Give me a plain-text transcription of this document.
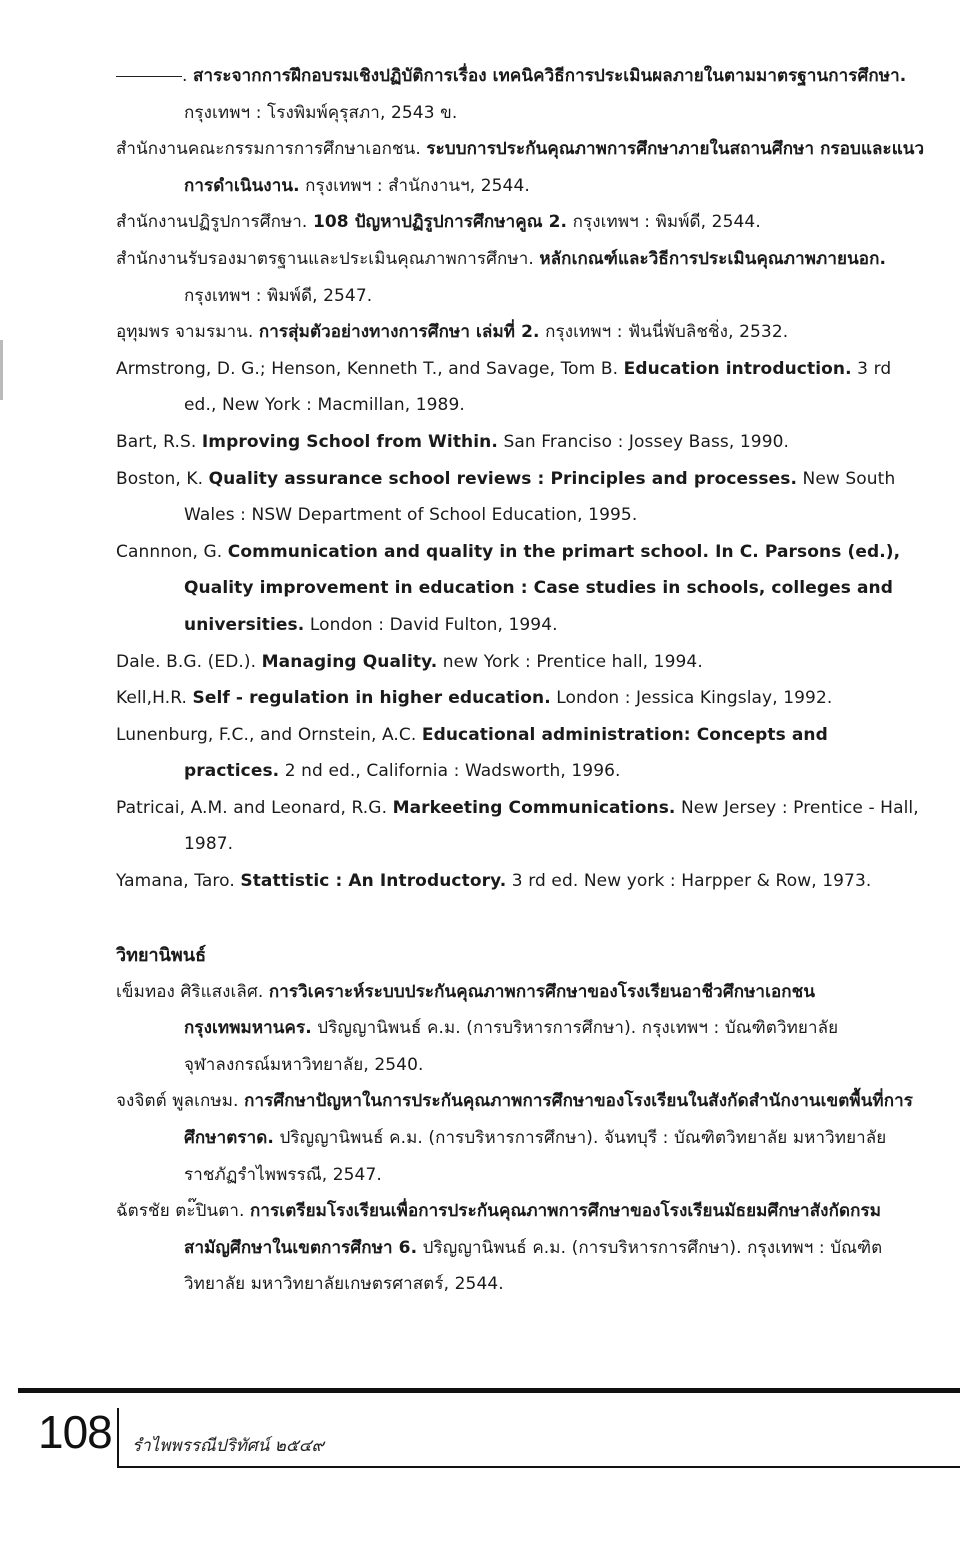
. สาระจากการฝึกอบรมเชิงปฏิบัติการเรื่อง เทคนิควิธีการประเมินผลภายในตามมาตรฐานการศึกษา. กรุงเทพฯ : โรงพิมพ์คุรุสภา, 2543 ข.
สำนักงานคณะกรรมการการศึกษาเอกชน. ระบบการประกันคุณภาพการศึกษาภายในสถานศึกษา กรอบและแนวการดำเนินงาน. กรุงเทพฯ : สำนักงานฯ, 2544.
สำนักงานปฏิรูปการศึกษา. 108 ปัญหาปฏิรูปการศึกษาคูณ 2. กรุงเทพฯ : พิมพ์ดี, 2544.
สำนักงานรับรองมาตรฐานและประเมินคุณภาพการศึกษา. หลักเกณฑ์และวิธีการประเมินคุณภาพภายนอก. กรุงเทพฯ : พิมพ์ดี, 2547.
อุทุมพร จามรมาน. การสุ่มตัวอย่างทางการศึกษา เล่มที่ 2. กรุงเทพฯ : ฟันนี่พับลิชชิ่ง, 2532.
Armstrong, D. G.; Henson, Kenneth T., and Savage, Tom B. Education introduction. 3 rd ed., New York : Macmillan, 1989.
Bart, R.S. Improving School from Within. San Franciso : Jossey Bass, 1990.
Boston, K. Quality assurance school reviews : Principles and processes. New South Wales : NSW Department of School Education, 1995.
Cannnon, G. Communication and quality in the primart school. In C. Parsons (ed.), Quality improvement in education : Case studies in schools, colleges and universities. London : David Fulton, 1994.
Dale. B.G. (ED.). Managing Quality. new York : Prentice hall, 1994.
Kell,H.R. Self - regulation in higher education. London : Jessica Kingslay, 1992.
Lunenburg, F.C., and Ornstein, A.C. Educational administration: Concepts and practices. 2 nd ed., California : Wadsworth, 1996.
Patricai, A.M. and Leonard, R.G. Markeeting Communications. New Jersey : Prentice - Hall, 1987.
Yamana, Taro. Stattistic : An Introductory. 3 rd ed. New york : Harpper & Row, 1973.
วิทยานิพนธ์
เข็มทอง ศิริแสงเลิศ. การวิเคราะห์ระบบประกันคุณภาพการศึกษาของโรงเรียนอาชีวศึกษาเอกชนกรุงเทพมหานคร. ปริญญานิพนธ์ ค.ม. (การบริหารการศึกษา). กรุงเทพฯ : บัณฑิตวิทยาลัย จุฬาลงกรณ์มหาวิทยาลัย, 2540.
จงจิตต์ พูลเกษม. การศึกษาปัญหาในการประกันคุณภาพการศึกษาของโรงเรียนในสังกัดสำนักงานเขตพื้นที่การศึกษาตราด. ปริญญานิพนธ์ ค.ม. (การบริหารการศึกษา). จันทบุรี : บัณฑิตวิทยาลัย มหาวิทยาลัยราชภัฏรำไพพรรณี, 2547.
ฉัตรชัย ตะ๊ปินตา. การเตรียมโรงเรียนเพื่อการประกันคุณภาพการศึกษาของโรงเรียนมัธยมศึกษาสังกัดกรมสามัญศึกษาในเขตการศึกษา 6. ปริญญานิพนธ์ ค.ม. (การบริหารการศึกษา). กรุงเทพฯ : บัณฑิตวิทยาลัย มหาวิทยาลัยเกษตรศาสตร์, 2544.
108 รำไพพรรณีปริทัศน์ ๒๕๔๙
